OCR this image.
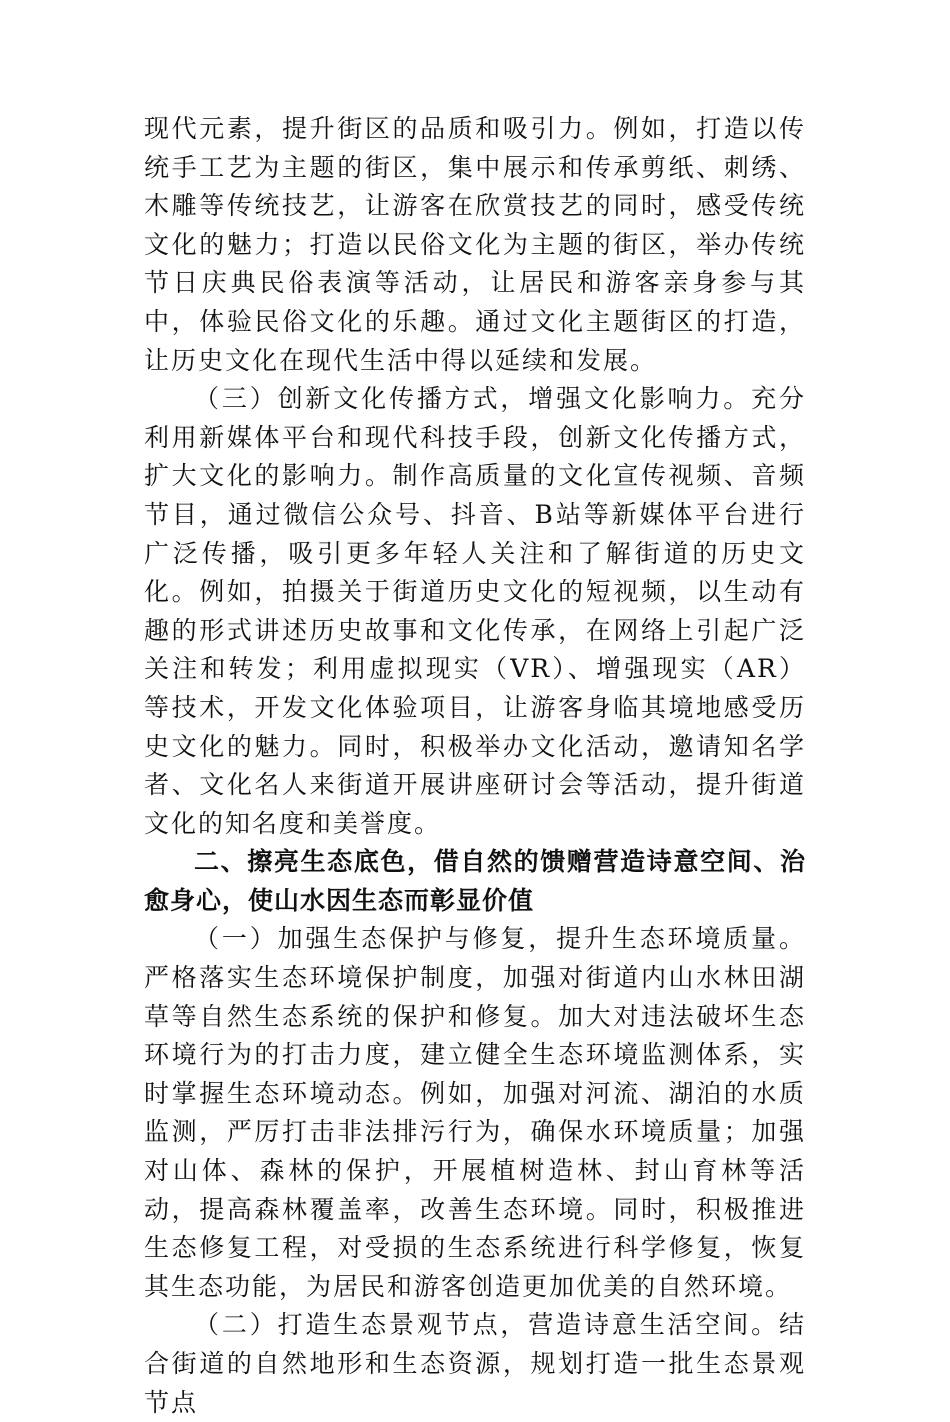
现代元素，提升街区的品质和吸引力。例如，打造以传统手工艺为主题的街区，集中展示和传承剪纸、刺绣、木雕等传统技艺，让游客在欣赏技艺的同时，感受传统文化的魅力；打造以民俗文化为主题的街区，举办传统节日庆典民俗表演等活动，让居民和游客亲身参与其中，体验民俗文化的乐趣。通过文化主题街区的打造，让历史文化在现代生活中得以延续和发展。

（三）创新文化传播方式，增强文化影响力。充分利用新媒体平台和现代科技手段，创新文化传播方式，扩大文化的影响力。制作高质量的文化宣传视频、音频节目，通过微信公众号、抖音、B站等新媒体平台进行广泛传播，吸引更多年轻人关注和了解街道的历史文化。例如，拍摄关于街道历史文化的短视频，以生动有趣的形式讲述历史故事和文化传承，在网络上引起广泛关注和转发；利用虚拟现实（VR）、增强现实（AR）等技术，开发文化体验项目，让游客身临其境地感受历史文化的魅力。同时，积极举办文化活动，邀请知名学者、文化名人来街道开展讲座研讨会等活动，提升街道文化的知名度和美誉度。

二、擦亮生态底色，借自然的馈赠营造诗意空间、治愈身心，使山水因生态而彰显价值

（一）加强生态保护与修复，提升生态环境质量。严格落实生态环境保护制度，加强对街道内山水林田湖草等自然生态系统的保护和修复。加大对违法破坏生态环境行为的打击力度，建立健全生态环境监测体系，实时掌握生态环境动态。例如，加强对河流、湖泊的水质监测，严厉打击非法排污行为，确保水环境质量；加强对山体、森林的保护，开展植树造林、封山育林等活动，提高森林覆盖率，改善生态环境。同时，积极推进生态修复工程，对受损的生态系统进行科学修复，恢复其生态功能，为居民和游客创造更加优美的自然环境。

（二）打造生态景观节点，营造诗意生活空间。结合街道的自然地形和生态资源，规划打造一批生态景观节点
